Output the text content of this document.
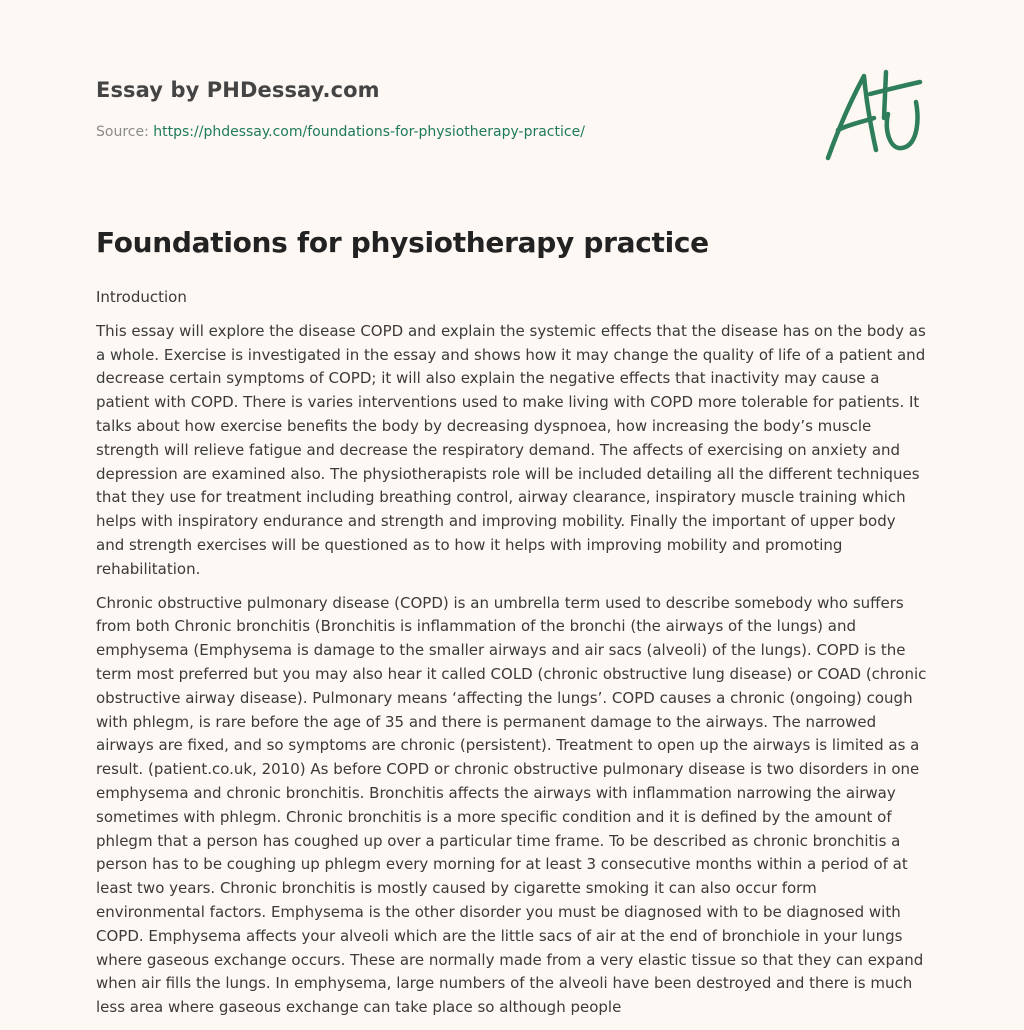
Essay by PHDessay.com
Source: https://phdessay.com/foundations-for-physiotherapy-practice/
Foundations for physiotherapy practice

Introduction

This essay will explore the disease COPD and explain the systemic effects that the disease has on the body as a whole. Exercise is investigated in the essay and shows how it may change the quality of life of a patient and decrease certain symptoms of COPD; it will also explain the negative effects that inactivity may cause a patient with COPD. There is varies interventions used to make living with COPD more tolerable for patients. It talks about how exercise benefits the body by decreasing dyspnoea, how increasing the body’s muscle strength will relieve fatigue and decrease the respiratory demand. The affects of exercising on anxiety and depression are examined also. The physiotherapists role will be included detailing all the different techniques that they use for treatment including breathing control, airway clearance, inspiratory muscle training which helps with inspiratory endurance and strength and improving mobility. Finally the important of upper body and strength exercises will be questioned as to how it helps with improving mobility and promoting rehabilitation.

Chronic obstructive pulmonary disease (COPD) is an umbrella term used to describe somebody who suffers from both Chronic bronchitis (Bronchitis is inflammation of the bronchi (the airways of the lungs) and emphysema (Emphysema is damage to the smaller airways and air sacs (alveoli) of the lungs). COPD is the term most preferred but you may also hear it called COLD (chronic obstructive lung disease) or COAD (chronic obstructive airway disease). Pulmonary means ‘affecting the lungs’. COPD causes a chronic (ongoing) cough with phlegm, is rare before the age of 35 and there is permanent damage to the airways. The narrowed airways are fixed, and so symptoms are chronic (persistent). Treatment to open up the airways is limited as a result. (patient.co.uk, 2010) As before COPD or chronic obstructive pulmonary disease is two disorders in one emphysema and chronic bronchitis. Bronchitis affects the airways with inflammation narrowing the airway sometimes with phlegm. Chronic bronchitis is a more specific condition and it is defined by the amount of phlegm that a person has coughed up over a particular time frame. To be described as chronic bronchitis a person has to be coughing up phlegm every morning for at least 3 consecutive months within a period of at least two years. Chronic bronchitis is mostly caused by cigarette smoking it can also occur form environmental factors. Emphysema is the other disorder you must be diagnosed with to be diagnosed with COPD. Emphysema affects your alveoli which are the little sacs of air at the end of bronchiole in your lungs where gaseous exchange occurs. These are normally made from a very elastic tissue so that they can expand when air fills the lungs. In emphysema, large numbers of the alveoli have been destroyed and there is much less area where gaseous exchange can take place so although people
